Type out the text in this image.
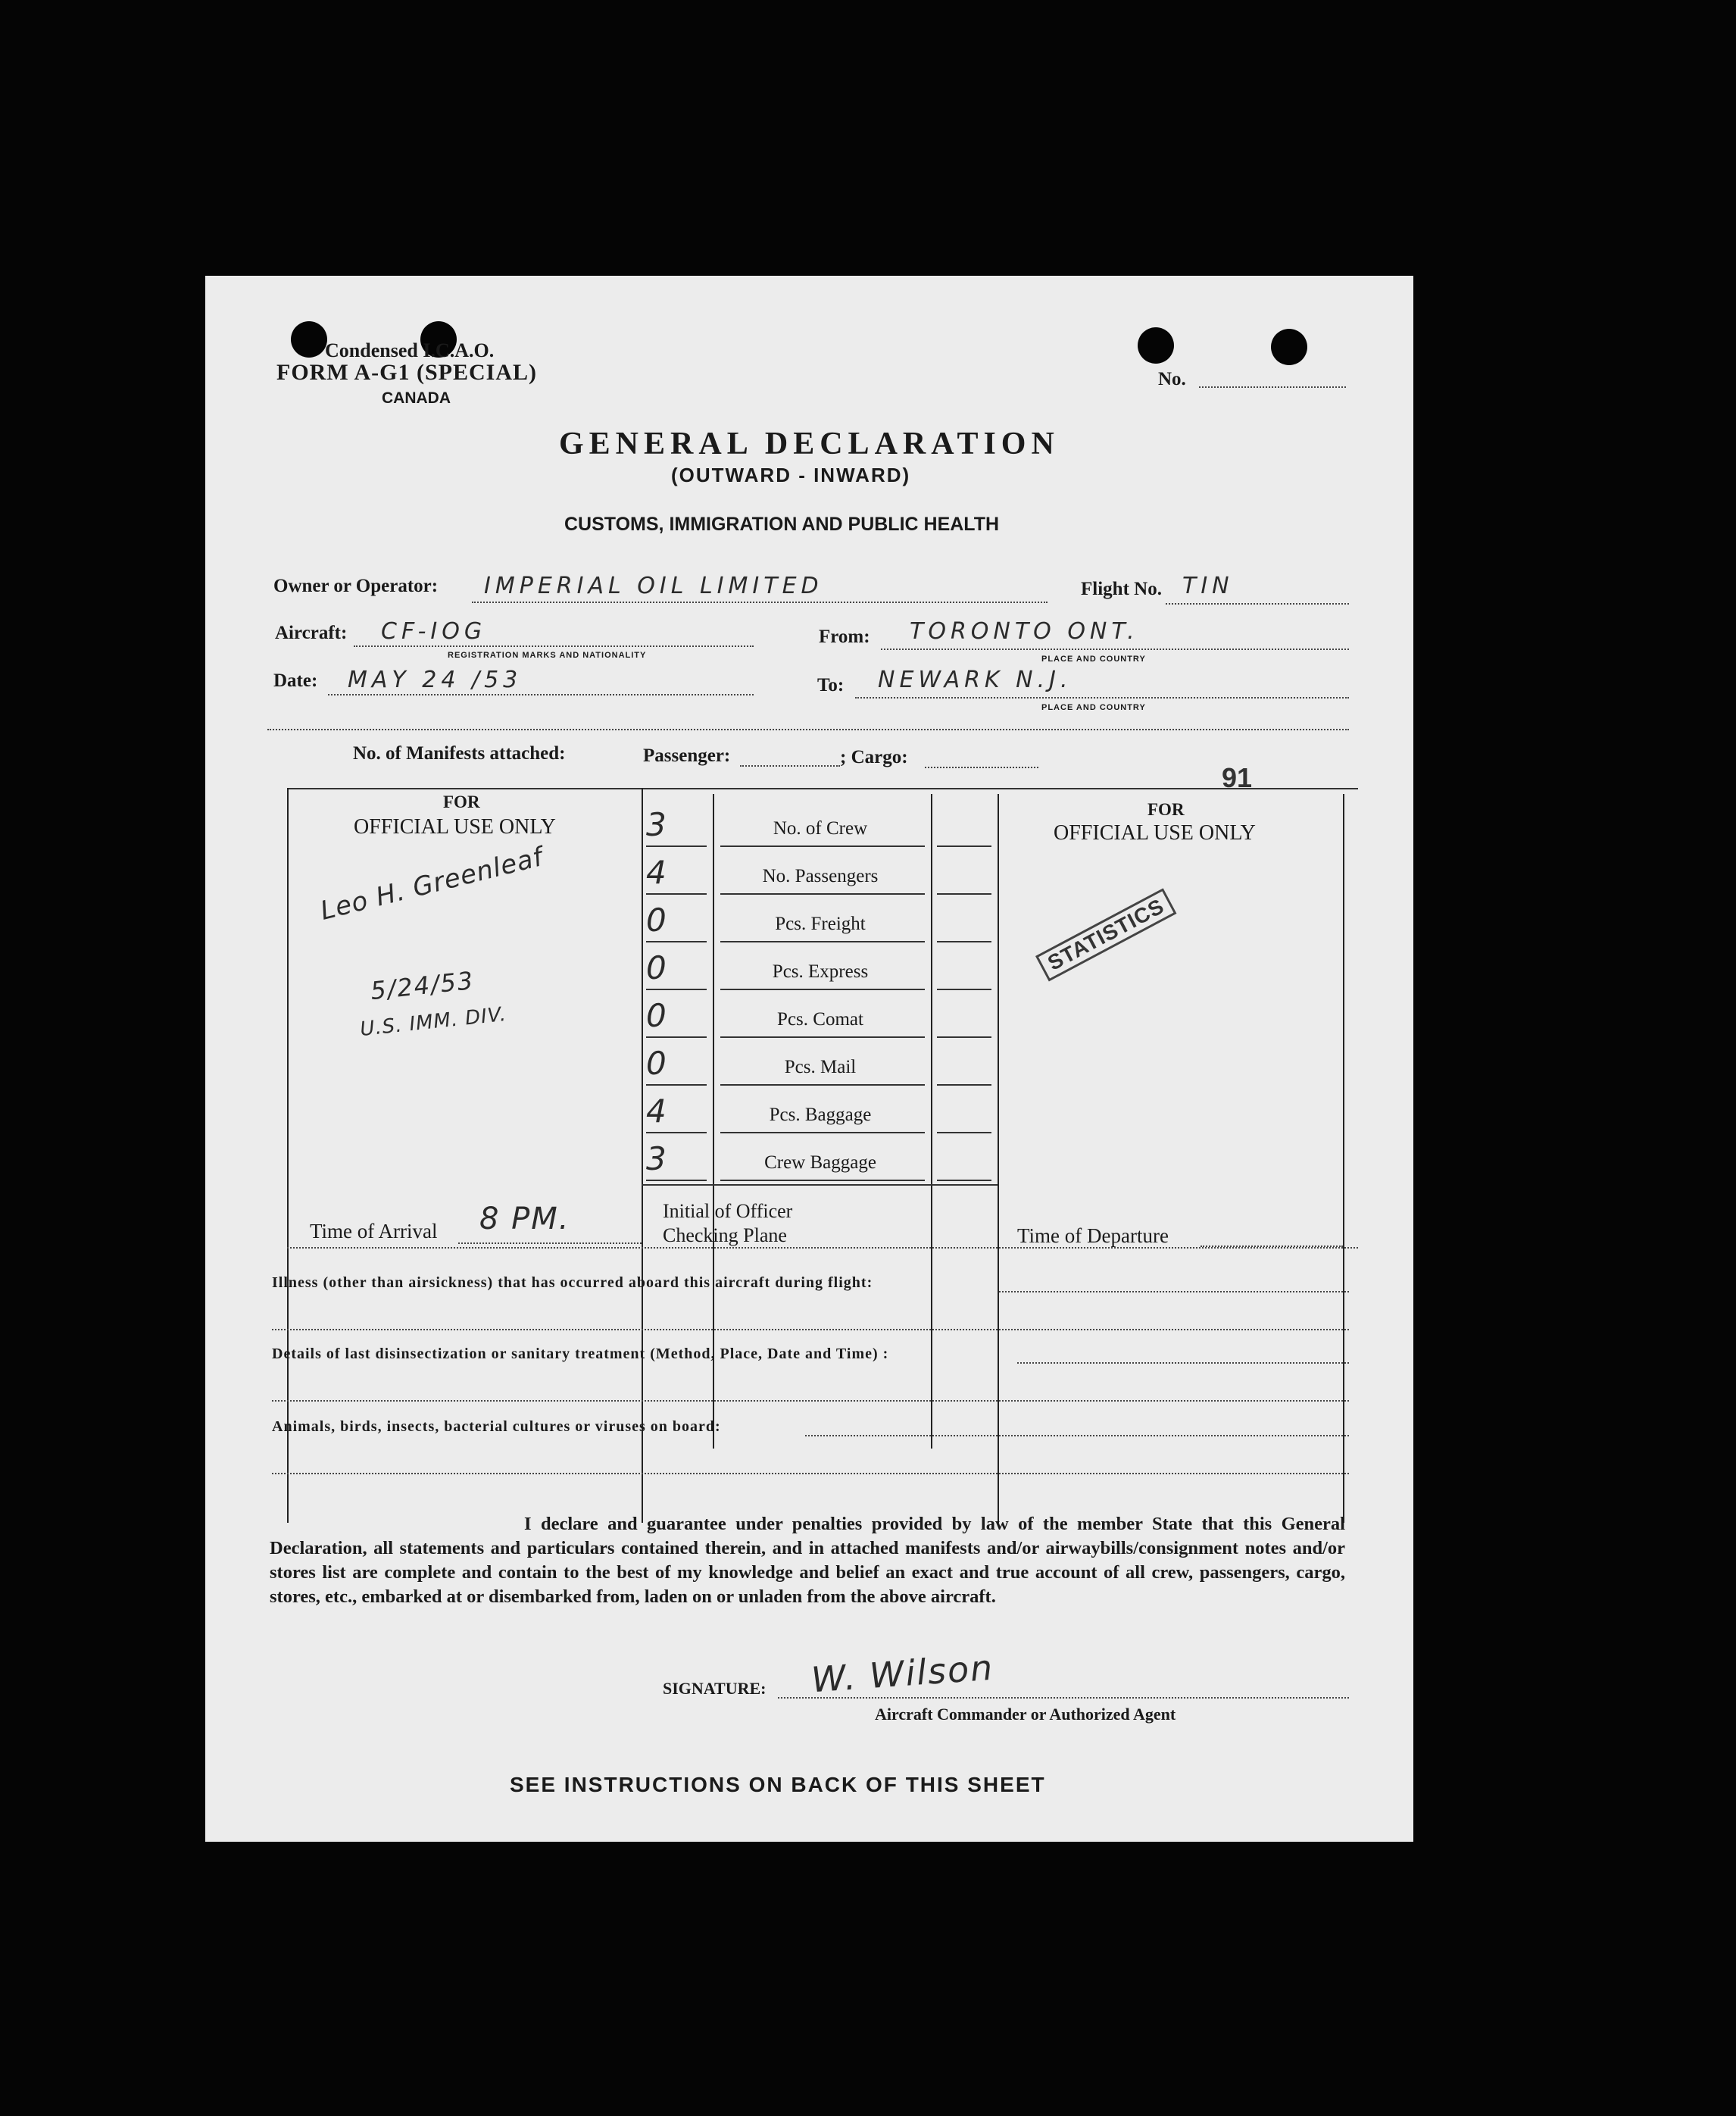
Condensed I.C.A.O.
FORM A-G1 (SPECIAL)
CANADA
No.
GENERAL DECLARATION
(OUTWARD - INWARD)
CUSTOMS, IMMIGRATION AND PUBLIC HEALTH
Owner or Operator: IMPERIAL OIL LIMITED	Flight No. TIN
Aircraft: CF-IOG
REGISTRATION MARKS AND NATIONALITY
From: TORONTO ONT.
PLACE AND COUNTRY
Date: MAY 24 /53	To: NEWARK N.J.
PLACE AND COUNTRY
No. of Manifests attached:	Passenger:	; Cargo:
91
FOR
OFFICIAL USE ONLY
Leo H. Greenleaf
5/24/53
U.S. IMM. DIV.
Time of Arrival 8 PM.
No. of Crew
3
No. Passengers
4
Pcs. Freight
0
Pcs. Express
0
Pcs. Comat
0
Pcs. Mail
0
Pcs. Baggage
4
Crew Baggage
3
Initial of Officer
Checking Plane
FOR
OFFICIAL USE ONLY
STATISTICS
Time of Departure
Illness (other than airsickness) that has occurred aboard this aircraft during flight:
Details of last disinsectization or sanitary treatment (Method, Place, Date and Time) :
Animals, birds, insects, bacterial cultures or viruses on board:
I declare and guarantee under penalties provided by law of the member State that this General Declaration, all statements and particulars contained therein, and in attached manifests and/or airwaybills/consignment notes and/or stores list are complete and contain to the best of my knowledge and belief an exact and true account of all crew, passengers, cargo, stores, etc., embarked at or disembarked from, laden on or unladen from the above aircraft.
SIGNATURE: W. Wilson
Aircraft Commander or Authorized Agent
SEE INSTRUCTIONS ON BACK OF THIS SHEET
